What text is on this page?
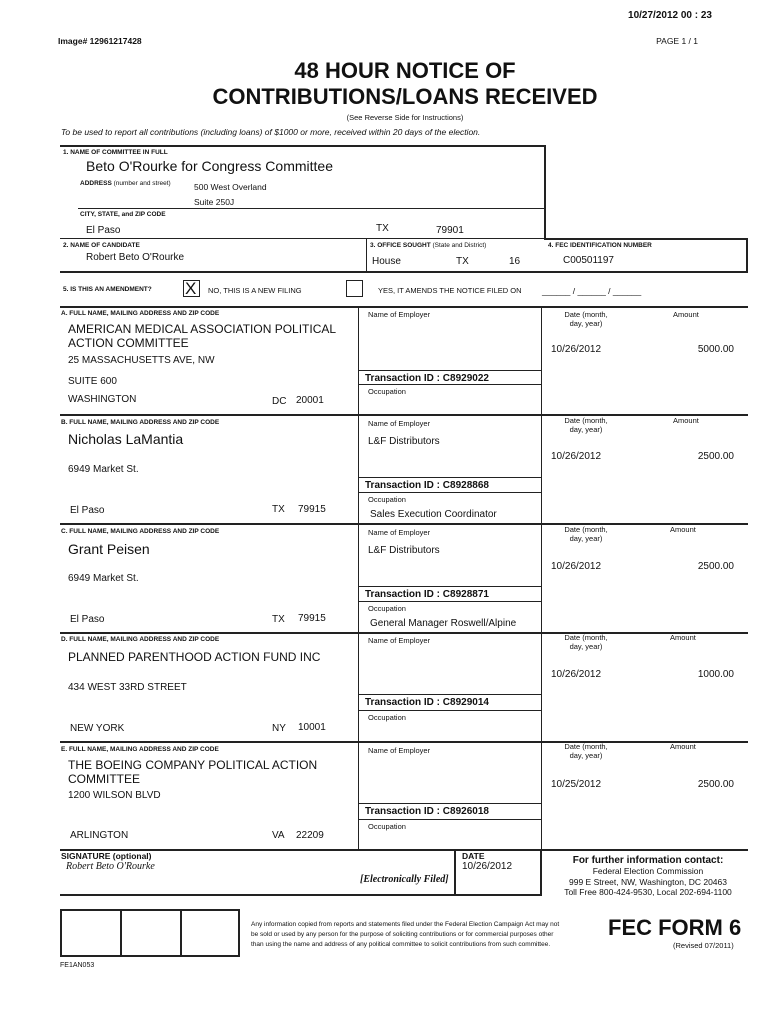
10/27/2012 00 : 23
Image# 12961217428	PAGE 1 / 1
48 HOUR NOTICE OF
CONTRIBUTIONS/LOANS RECEIVED
(See Reverse Side for Instructions)
To be used to report all contributions (including loans) of $1000 or more, received within 20 days of the election.
1. NAME OF COMMITTEE IN FULL
Beto O'Rourke for Congress Committee
ADDRESS (number and street)	500 West Overland
Suite 250J
CITY, STATE, and ZIP CODE
El Paso	TX	79901
2. NAME OF CANDIDATE
Robert Beto O'Rourke
3. OFFICE SOUGHT (State and District)
House	TX	16
4. FEC IDENTIFICATION NUMBER
C00501197
5. IS THIS AN AMENDMENT? X NO, THIS IS A NEW FILING	YES, IT AMENDS THE NOTICE FILED ON ______ / ______ / ______
A. FULL NAME, MAILING ADDRESS AND ZIP CODE
AMERICAN MEDICAL ASSOCIATION POLITICAL
ACTION COMMITTEE
25 MASSACHUSETTS AVE, NW
SUITE 600
WASHINGTON	DC 20001
Name of Employer
Transaction ID : C8929022
Occupation
Date (month,
day, year)
Amount
10/26/2012	5000.00
B. FULL NAME, MAILING ADDRESS AND ZIP CODE
Nicholas LaMantia
6949 Market St.
El Paso	TX 79915
Name of Employer
L&F Distributors
Transaction ID : C8928868
Occupation
Sales Execution Coordinator
Date (month,
day, year)
Amount
10/26/2012	2500.00
C. FULL NAME, MAILING ADDRESS AND ZIP CODE
Grant Peisen
6949 Market St.
El Paso	TX 79915
Name of Employer
L&F Distributors
Transaction ID : C8928871
Occupation
General Manager Roswell/Alpine
Date (month,
day, year)
Amount
10/26/2012	2500.00
D. FULL NAME, MAILING ADDRESS AND ZIP CODE
PLANNED PARENTHOOD ACTION FUND INC
434 WEST 33RD STREET
NEW YORK	NY 10001
Name of Employer
Transaction ID : C8929014
Occupation
Date (month,
day, year)
Amount
10/26/2012	1000.00
E. FULL NAME, MAILING ADDRESS AND ZIP CODE
THE BOEING COMPANY POLITICAL ACTION
COMMITTEE
1200 WILSON BLVD
ARLINGTON	VA 22209
Name of Employer
Transaction ID : C8926018
Occupation
Date (month,
day, year)
Amount
10/25/2012	2500.00
SIGNATURE (optional)
Robert Beto O'Rourke
[Electronically Filed]
DATE
10/26/2012
For further information contact:
Federal Election Commission
999 E Street, NW, Washington, DC 20463
Toll Free 800-424-9530, Local 202-694-1100
Any information copied from reports and statements filed under the Federal Election Campaign Act may not
be sold or used by any person for the purpose of soliciting contributions or for commercial purposes other
than using the name and address of any political committee to solicit contributions from such committee.
FEC FORM 6
(Revised 07/2011)
FE1AN053
